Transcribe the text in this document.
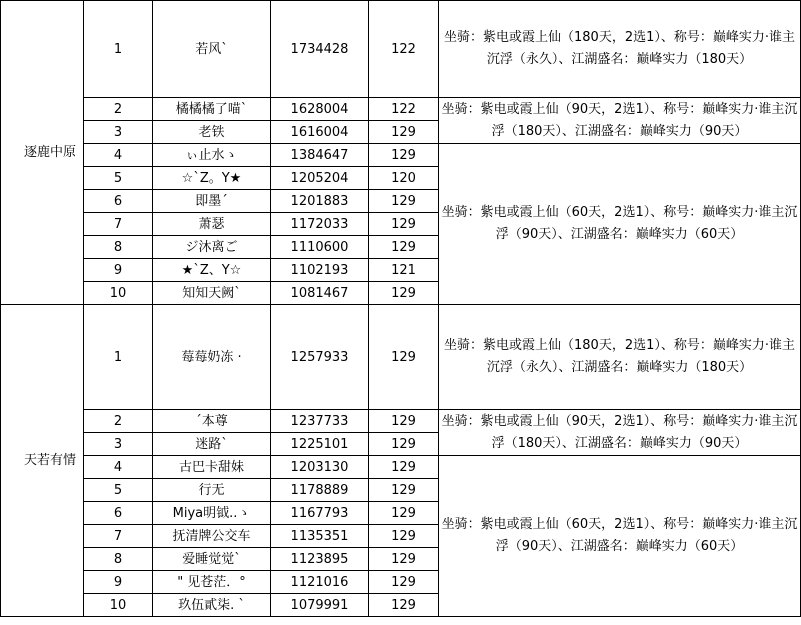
逐鹿中原	1	若风`	1734428	122	坐骑：紫电或霞上仙（180天，2选1）、称号：巅峰实力·谁主沉浮（永久）、江湖盛名：巅峰实力（180天）
	2	橘橘橘了喵`	1628004	122	坐骑：紫电或霞上仙（90天，2选1）、称号：巅峰实力·谁主沉浮（180天）、江湖盛名：巅峰实力（90天）
	3	老铁	1616004	129	
	4	ぃ止水ゝ	1384647	129	坐骑：紫电或霞上仙（60天，2选1）、称号：巅峰实力·谁主沉浮（90天）、江湖盛名：巅峰实力（60天）
	5	☆`Z。Y★	1205204	120	
	6	即墨´	1201883	129	
	7	萧瑟	1172033	129	
	8	ジ沐离ご	1110600	129	
	9	★`Z、Y☆	1102193	121	
	10	知知天阙`	1081467	129	
天若有情	1	莓莓奶冻 ·	1257933	129	坐骑：紫电或霞上仙（180天，2选1）、称号：巅峰实力·谁主沉浮（永久）、江湖盛名：巅峰实力（180天）
	2	ˊ本尊	1237733	129	坐骑：紫电或霞上仙（90天，2选1）、称号：巅峰实力·谁主沉浮（180天）、江湖盛名：巅峰实力（90天）
	3	迷路`	1225101	129	
	4	古巴卡甜妹	1203130	129	坐骑：紫电或霞上仙（60天，2选1）、称号：巅峰实力·谁主沉浮（90天）、江湖盛名：巅峰实力（60天）
	5	行无	1178889	129	
	6	Miya明钺..ゝ	1167793	129	
	7	抚清牌公交车	1135351	129	
	8	爱睡觉觉`	1123895	129	
	9	" 见苍茫．°	1121016	129	
	10	玖伍貳柒. `	1079991	129	
